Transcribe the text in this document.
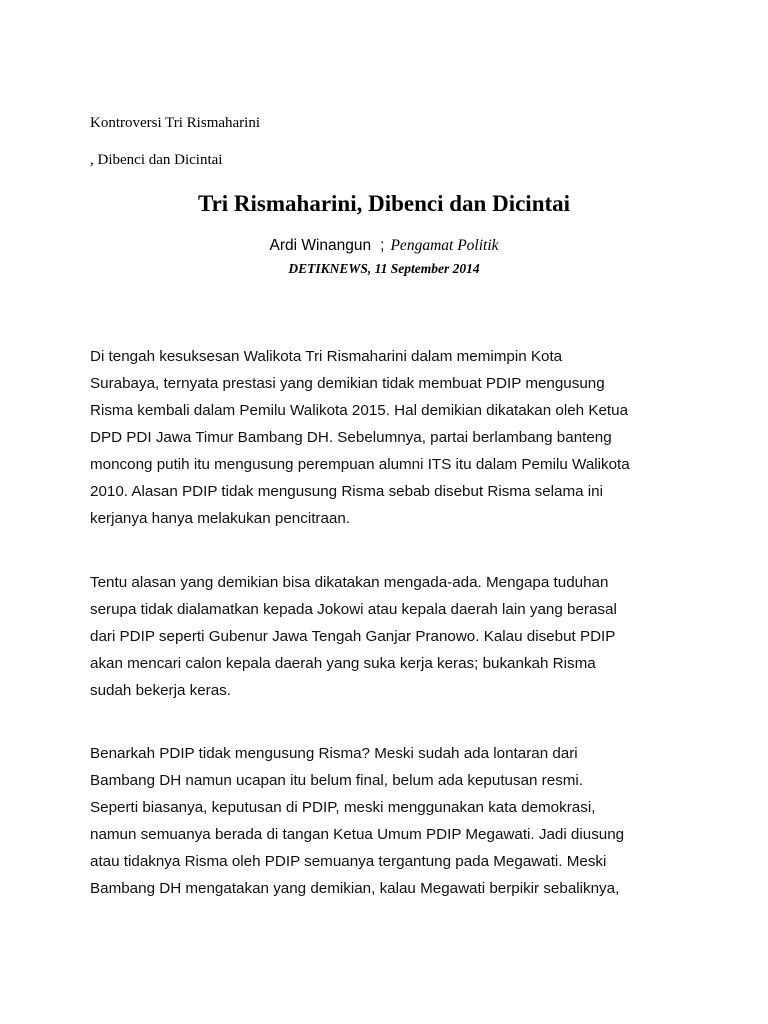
Kontroversi Tri Rismaharini
, Dibenci dan Dicintai
Tri Rismaharini, Dibenci dan Dicintai
Ardi Winangun ; Pengamat Politik
DETIKNEWS, 11 September 2014
Di tengah kesuksesan Walikota Tri Rismaharini dalam memimpin Kota
Surabaya, ternyata prestasi yang demikian tidak membuat PDIP mengusung
Risma kembali dalam Pemilu Walikota 2015. Hal demikian dikatakan oleh Ketua
DPD PDI Jawa Timur Bambang DH. Sebelumnya, partai berlambang banteng
moncong putih itu mengusung perempuan alumni ITS itu dalam Pemilu Walikota
2010. Alasan PDIP tidak mengusung Risma sebab disebut Risma selama ini
kerjanya hanya melakukan pencitraan.
Tentu alasan yang demikian bisa dikatakan mengada-ada. Mengapa tuduhan
serupa tidak dialamatkan kepada Jokowi atau kepala daerah lain yang berasal
dari PDIP seperti Gubenur Jawa Tengah Ganjar Pranowo. Kalau disebut PDIP
akan mencari calon kepala daerah yang suka kerja keras; bukankah Risma
sudah bekerja keras.
Benarkah PDIP tidak mengusung Risma? Meski sudah ada lontaran dari
Bambang DH namun ucapan itu belum final, belum ada keputusan resmi.
Seperti biasanya, keputusan di PDIP, meski menggunakan kata demokrasi,
namun semuanya berada di tangan Ketua Umum PDIP Megawati. Jadi diusung
atau tidaknya Risma oleh PDIP semuanya tergantung pada Megawati. Meski
Bambang DH mengatakan yang demikian, kalau Megawati berpikir sebaliknya,
